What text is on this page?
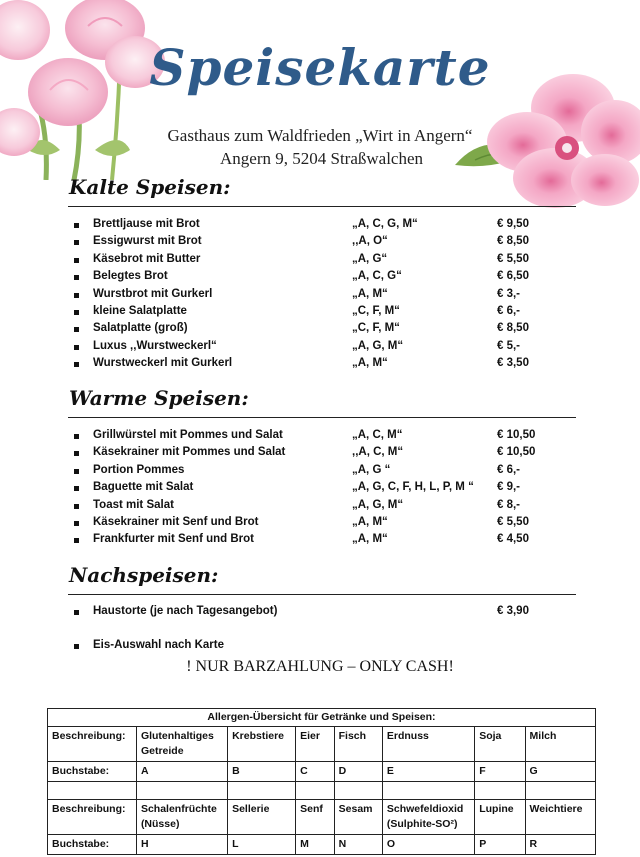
Speisekarte
Gasthaus zum Waldfrieden „Wirt in Angern“
Angern 9, 5204 Straßwalchen
Kalte Speisen:
Brettljause mit Brot	„A, C, G, M“	€ 9,50
Essigwurst mit Brot	,,A, O“	€ 8,50
Käsebrot mit Butter	„A, G“	€ 5,50
Belegtes Brot	„A, C, G“	€ 6,50
Wurstbrot mit Gurkerl	„A, M“	€ 3,-
kleine Salatplatte	„C, F, M“	€ 6,-
Salatplatte (groß)	„C, F, M“	€ 8,50
Luxus ,,Wurstweckerl“	„A, G, M“	€ 5,-
Wurstweckerl mit Gurkerl	„A, M“	€ 3,50
Warme Speisen:
Grillwürstel mit Pommes und Salat	„A, C, M“	€ 10,50
Käsekrainer mit Pommes und Salat	,,A, C, M“	€ 10,50
Portion Pommes	„A, G “	€ 6,-
Baguette mit Salat	„A, G, C, F, H, L, P, M “ € 9,-
Toast mit Salat	„A, G, M“	€ 8,-
Käsekrainer mit Senf und Brot	„A, M“	€ 5,50
Frankfurter mit Senf und Brot	„A, M“	€ 4,50
Nachspeisen:
Haustorte (je nach Tagesangebot)	€ 3,90
Eis-Auswahl nach Karte
! NUR BARZAHLUNG – ONLY CASH!
Allergen-Übersicht für Getränke und Speisen:							
Beschreibung:	Glutenhaltiges Getreide	Krebstiere	Eier	Fisch	Erdnuss	Soja	Milch
Buchstabe:	A	B	C	D	E	F	G

Beschreibung:	Schalenfrüchte (Nüsse)	Sellerie	Senf	Sesam	Schwefeldioxid (Sulphite-SO²)	Lupine	Weichtiere
Buchstabe:	H	L	M	N	O	P	R
